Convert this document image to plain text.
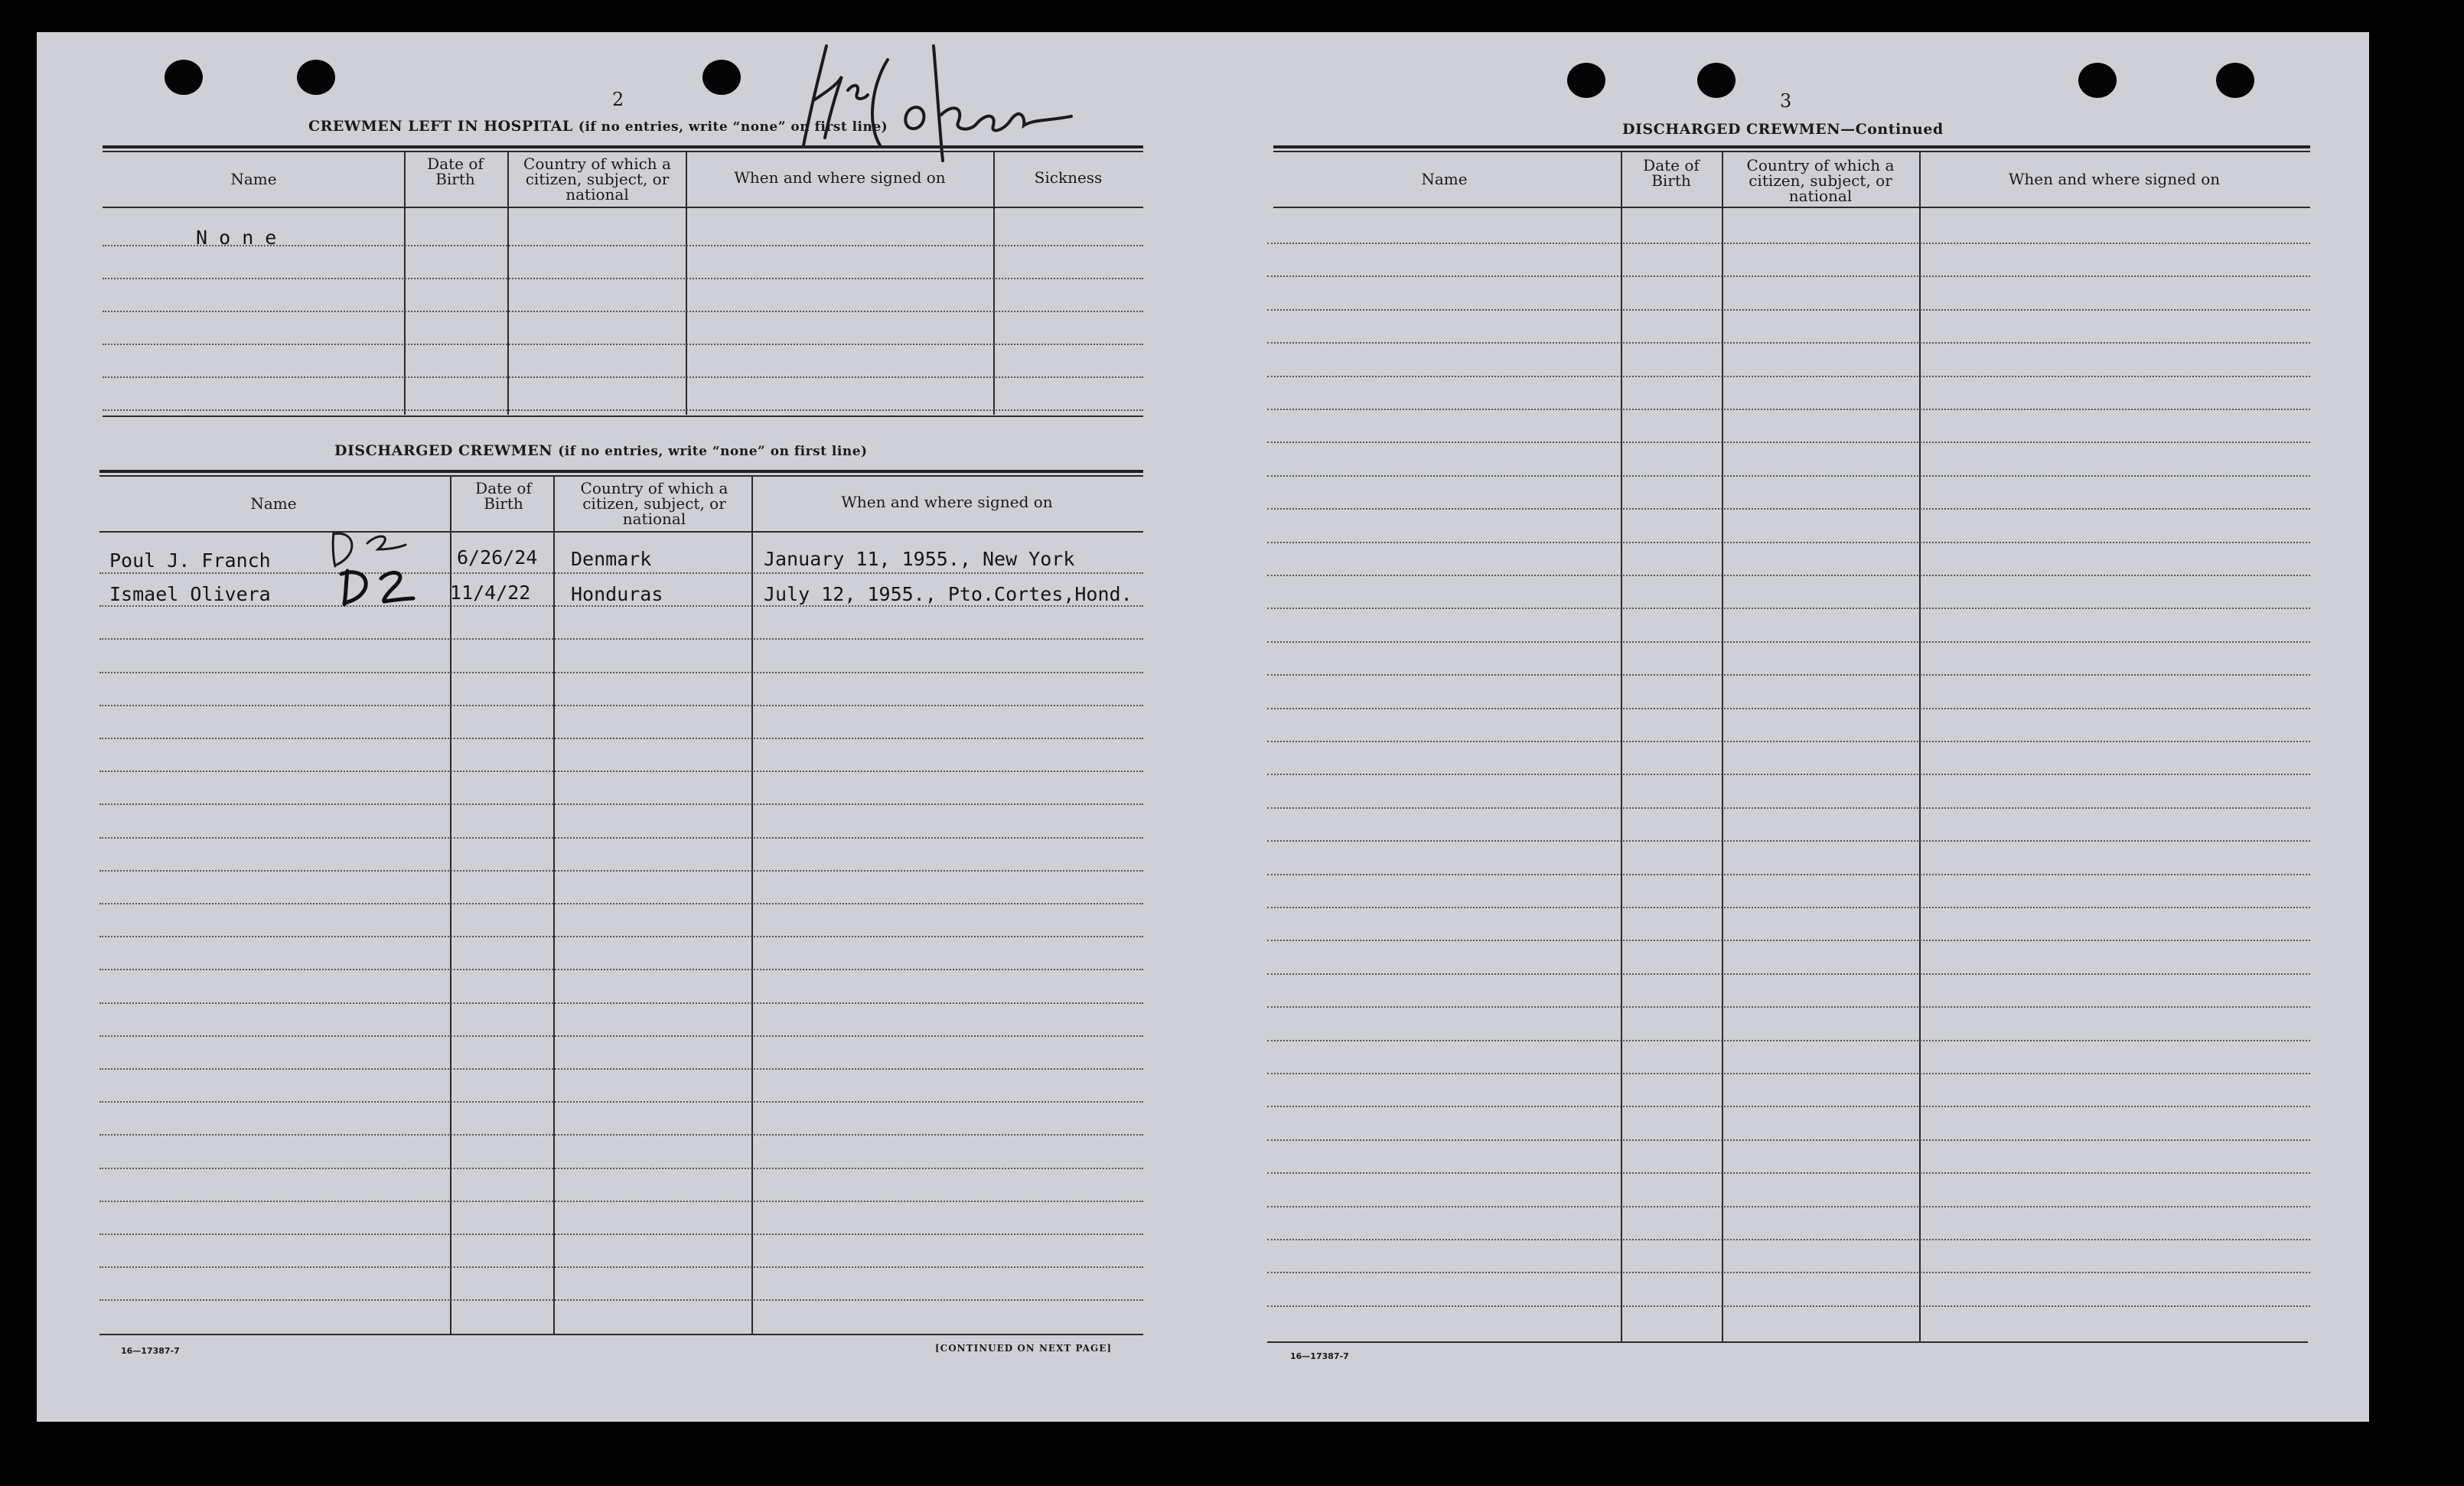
2
CREWMEN LEFT IN HOSPITAL (if no entries, write “none” on first line)
Name
Date of Birth
Country of which a citizen, subject, or national
When and where signed on	Sickness
N o n e
DISCHARGED CREWMEN (if no entries, write “none” on first line)
Name
Date of Birth
Country of which a citizen, subject, or national
When and where signed on
Poul J. Franch	6/26/24 Denmark	January 11, 1955., New York
Ismael Olivera	11/4/22 Honduras	July 12, 1955., Pto.Cortes,Hond.
16—17387-7	[CONTINUED ON NEXT PAGE]
3
DISCHARGED CREWMEN—Continued
Name
Date of Birth
Country of which a citizen, subject, or national
When and where signed on
16—17387-7
